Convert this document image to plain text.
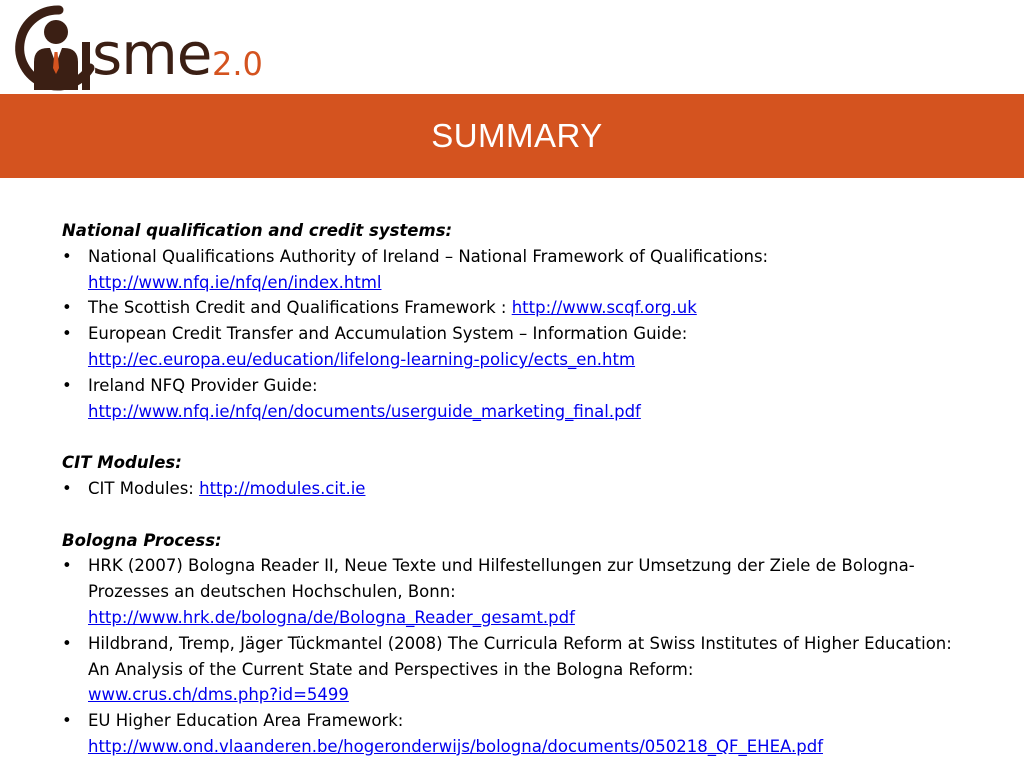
sme 2.0
SUMMARY

National qualification and credit systems:

• National Qualifications Authority of Ireland – National Framework of Qualifications:
http://www.nfq.ie/nfq/en/index.html
• The Scottish Credit and Qualifications Framework : http://www.scqf.org.uk
• European Credit Transfer and Accumulation System – Information Guide:
http://ec.europa.eu/education/lifelong-learning-policy/ects_en.htm
• Ireland NFQ Provider Guide:
http://www.nfq.ie/nfq/en/documents/userguide_marketing_final.pdf

CIT Modules:

• CIT Modules: http://modules.cit.ie

Bologna Process:

• HRK (2007) Bologna Reader II, Neue Texte und Hilfestellungen zur Umsetzung der Ziele de Bologna-Prozesses an deutschen Hochschulen, Bonn:
http://www.hrk.de/bologna/de/Bologna_Reader_gesamt.pdf
• Hildbrand, Tremp, Jäger Tückmantel (2008) The Curricula Reform at Swiss Institutes of Higher Education: An Analysis of the Current State and Perspectives in the Bologna Reform:
www.crus.ch/dms.php?id=5499
• EU Higher Education Area Framework:
http://www.ond.vlaanderen.be/hogeronderwijs/bologna/documents/050218_QF_EHEA.pdf
